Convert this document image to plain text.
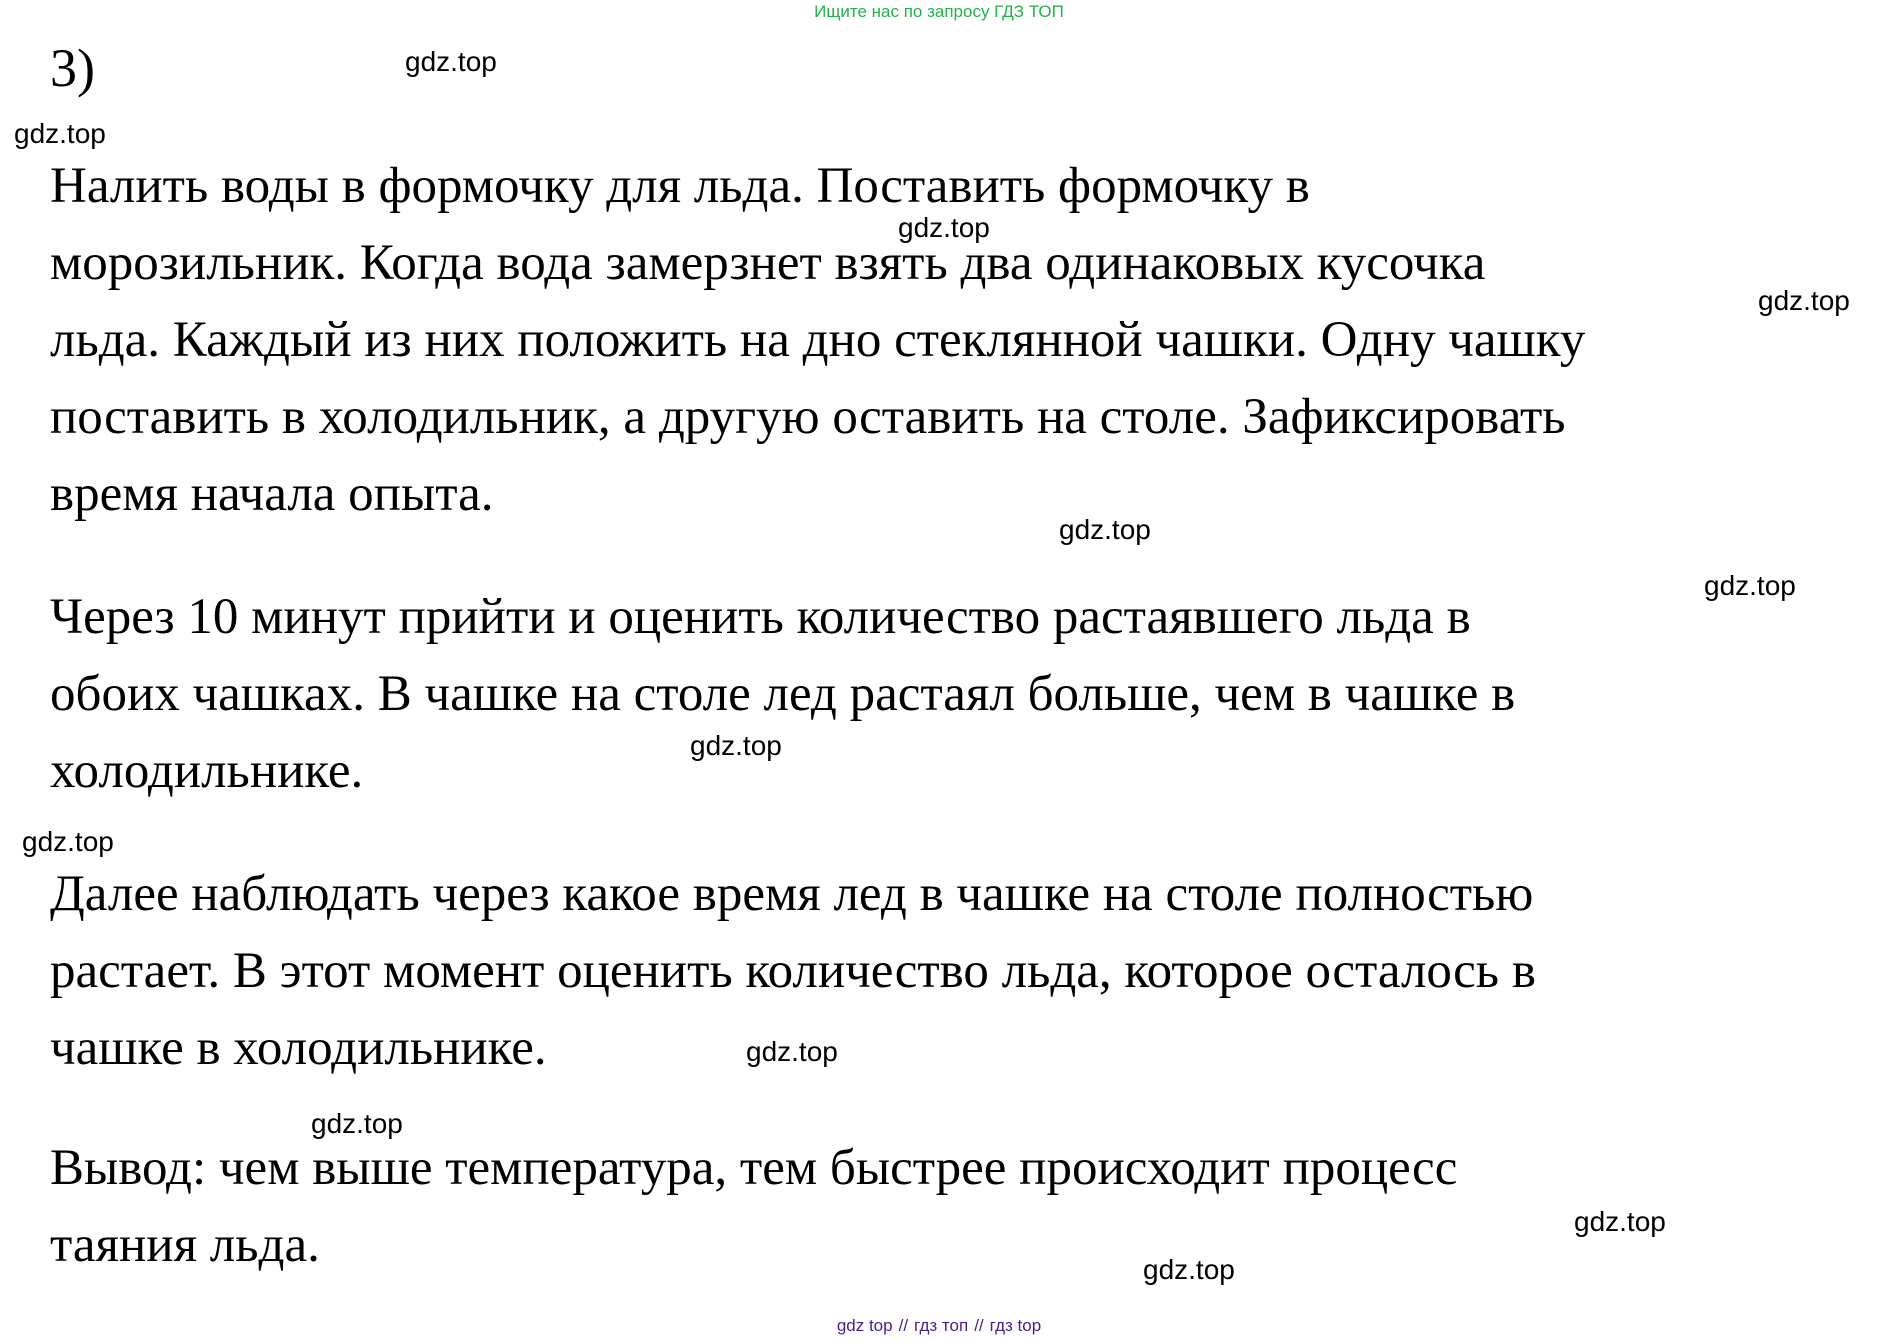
Ищите нас по запросу ГДЗ ТОП
3)

Налить воды в формочку для льда. Поставить формочку в
морозильник. Когда вода замерзнет взять два одинаковых кусочка
льда. Каждый из них положить на дно стеклянной чашки. Одну чашку
поставить в холодильник, а другую оставить на столе. Зафиксировать
время начала опыта.

Через 10 минут прийти и оценить количество растаявшего льда в
обоих чашках. В чашке на столе лед растаял больше, чем в чашке в
холодильнике.

Далее наблюдать через какое время лед в чашке на столе полностью
растает. В этот момент оценить количество льда, которое осталось в
чашке в холодильнике.

Вывод: чем выше температура, тем быстрее происходит процесс
таяния льда.

gdz.top
gdz.top
gdz.top
gdz.top
gdz.top
gdz.top
gdz.top
gdz.top
gdz.top
gdz.top
gdz.top
gdz.top
gdz top // гдз топ // гдз top
